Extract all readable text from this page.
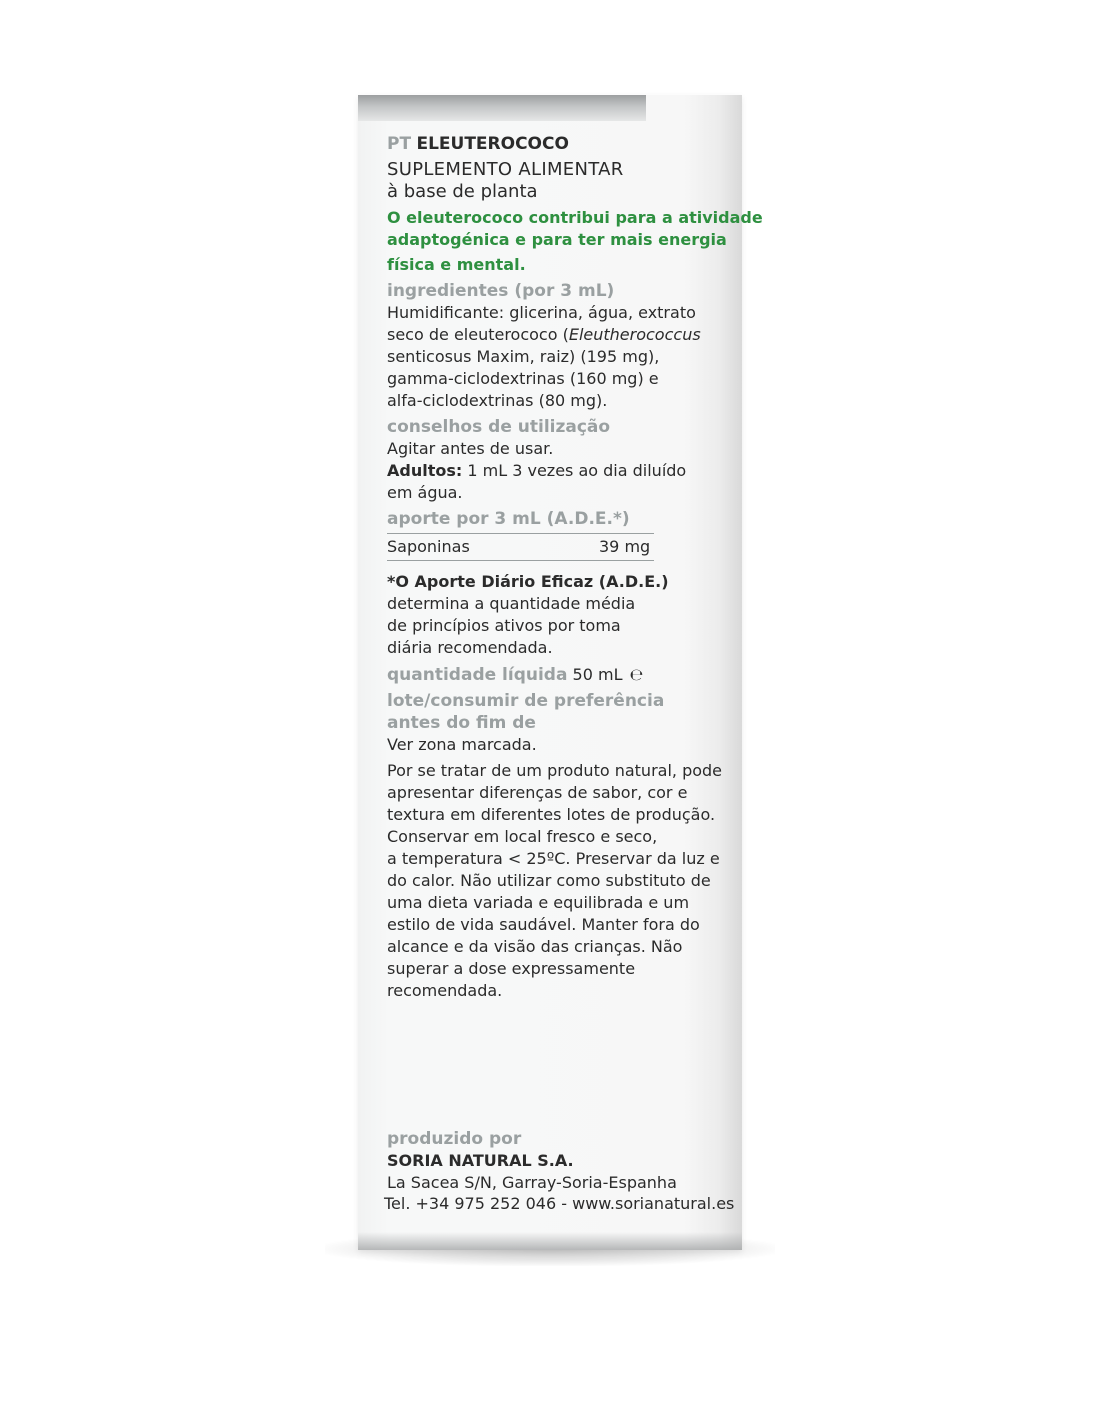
PT ELEUTEROCOCO
SUPLEMENTO ALIMENTAR
à base de planta
O eleuterococo contribui para a atividade
adaptogénica e para ter mais energia
física e mental.
ingredientes (por 3 mL)
Humidificante: glicerina, água, extrato
seco de eleuterococo (Eleutherococcus
senticosus Maxim, raiz) (195 mg),
gamma-ciclodextrinas (160 mg) e
alfa-ciclodextrinas (80 mg).
conselhos de utilização
Agitar antes de usar.
Adultos: 1 mL 3 vezes ao dia diluído
em água.
aporte por 3 mL (A.D.E.*)
Saponinas	39 mg
*O Aporte Diário Eficaz (A.D.E.)
determina a quantidade média
de princípios ativos por toma
diária recomendada.
quantidade líquida 50 mL ℮
lote/consumir de preferência
antes do fim de
Ver zona marcada.
Por se tratar de um produto natural, pode
apresentar diferenças de sabor, cor e
textura em diferentes lotes de produção.
Conservar em local fresco e seco,
a temperatura < 25ºC. Preservar da luz e
do calor. Não utilizar como substituto de
uma dieta variada e equilibrada e um
estilo de vida saudável. Manter fora do
alcance e da visão das crianças. Não
superar a dose expressamente
recomendada.
produzido por
SORIA NATURAL S.A.
La Sacea S/N, Garray-Soria-Espanha
Tel. +34 975 252 046 - www.sorianatural.es
